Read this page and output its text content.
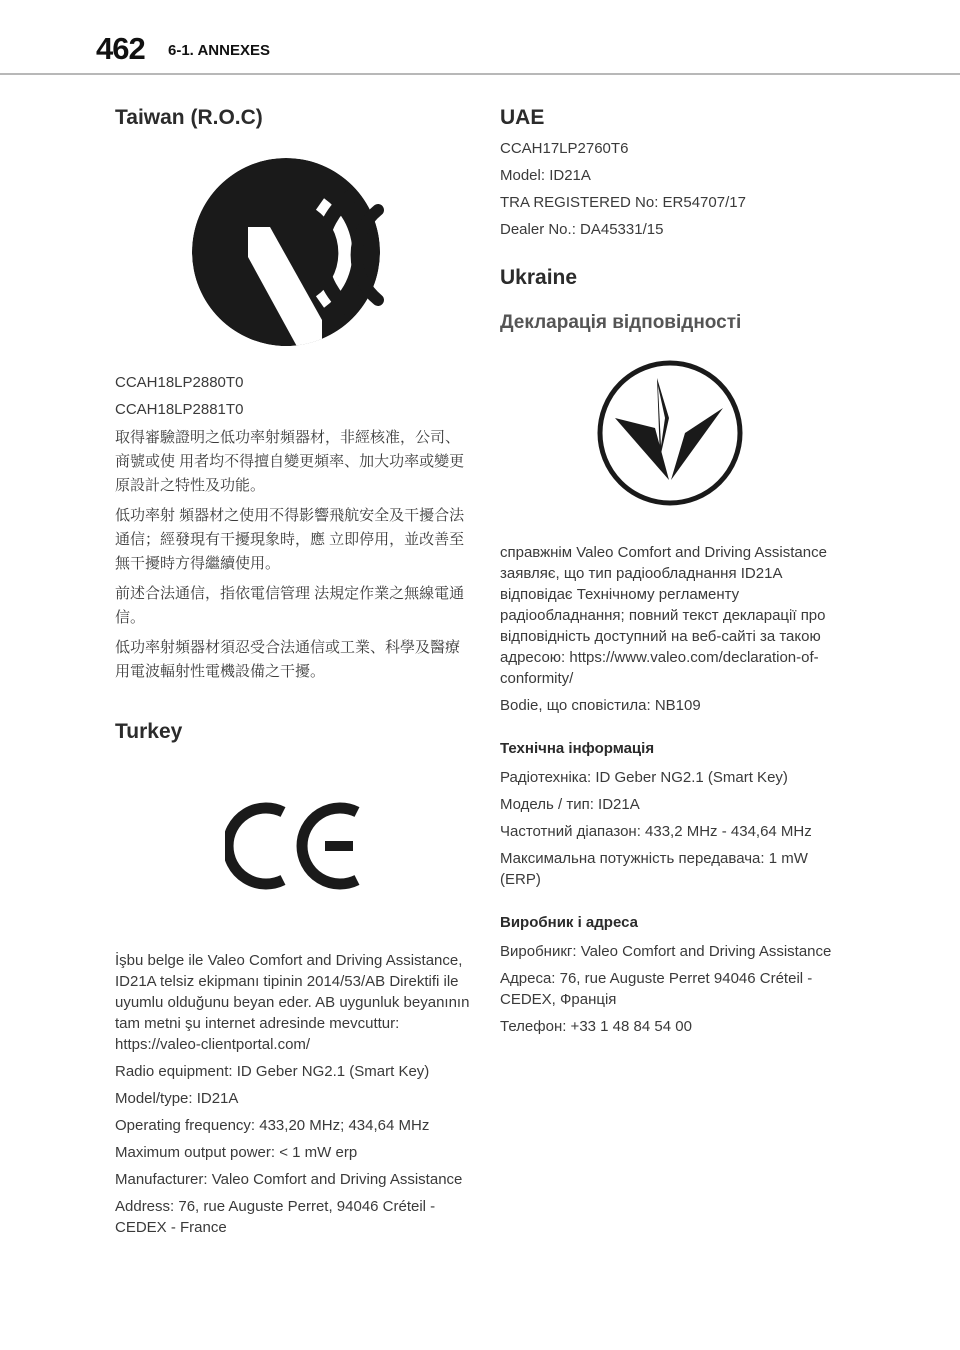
462 6-1. ANNEXES
Taiwan (R.O.C)

CCAH18LP2880T0

CCAH18LP2881T0

取得審驗證明之低功率射頻器材，非經核准，公司、商號或使 用者均不得擅自變更頻率、加大功率或變更原設計之特性及功能。

低功率射 頻器材之使用不得影響飛航安全及干擾合法通信；經發現有干擾現象時，應 立即停用，並改善至無干擾時方得繼續使用。

前述合法通信，指依電信管理 法規定作業之無線電通信。

低功率射頻器材須忍受合法通信或工業、科學及醫療用電波輻射性電機設備之干擾。

Turkey

İşbu belge ile Valeo Comfort and Driving Assistance, ID21A telsiz ekipmanı tipinin 2014/53/AB Direktifi ile uyumlu olduğunu beyan eder. AB uygunluk beyanının tam metni şu internet adresinde mevcuttur: https://valeo-clientportal.com/

Radio equipment: ID Geber NG2.1 (Smart Key)

Model/type: ID21A

Operating frequency: 433,20 MHz; 434,64 MHz

Maximum output power: < 1 mW erp

Manufacturer: Valeo Comfort and Driving Assistance

Address: 76, rue Auguste Perret, 94046 Créteil - CEDEX - France

UAE

CCAH17LP2760T6

Model: ID21A

TRA REGISTERED No: ER54707/17

Dealer No.: DA45331/15

Ukraine
Декларація відповідності

справжнім Valeo Comfort and Driving Assistance заявляє, що тип радіообладнання ID21A відповідає Технічному регламенту радіообладнання; повний текст декларації про відповідність доступний на веб-сайті за такою адресою: https://www.valeo.com/declaration-of-conformity/

Bodie, що сповістила: NB109

Технічна інформація

Радіотехніка: ID Geber NG2.1 (Smart Key)

Модель / тип: ID21A

Частотний діапазон: 433,2 MHz - 434,64 MHz

Максимальна потужність передавача: 1 mW (ERP)

Виробник і адреса

Виробникг: Valeo Comfort and Driving Assistance

Адреса: 76, rue Auguste Perret 94046 Créteil - CEDEX, Франція

Телефон: +33 1 48 84 54 00
